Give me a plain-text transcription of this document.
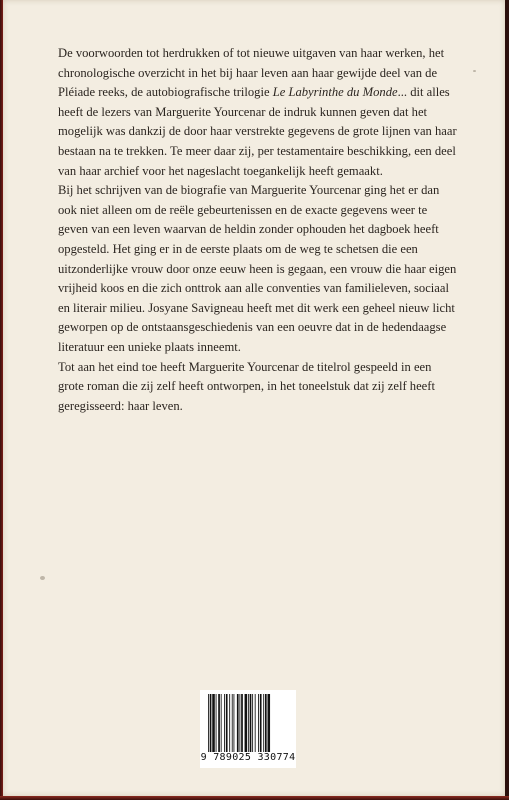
De voorwoorden tot herdrukken of tot nieuwe uitgaven van haar werken, het chronologische overzicht in het bij haar leven aan haar gewijde deel van de Pléiade reeks, de autobiografische trilogie Le Labyrinthe du Monde... dit alles heeft de lezers van Marguerite Yourcenar de indruk kunnen geven dat het mogelijk was dankzij de door haar verstrekte gegevens de grote lijnen van haar bestaan na te trekken. Te meer daar zij, per testamentaire beschikking, een deel van haar archief voor het nageslacht toegankelijk heeft gemaakt.

Bij het schrijven van de biografie van Marguerite Yourcenar ging het er dan ook niet alleen om de reële gebeurtenissen en de exacte gegevens weer te geven van een leven waarvan de heldin zonder ophouden het dagboek heeft opgesteld. Het ging er in de eerste plaats om de weg te schetsen die een uitzonderlijke vrouw door onze eeuw heen is gegaan, een vrouw die haar eigen vrijheid koos en die zich onttrok aan alle conventies van familieleven, sociaal en literair milieu. Josyane Savigneau heeft met dit werk een geheel nieuw licht geworpen op de ontstaansgeschiedenis van een oeuvre dat in de hedendaagse literatuur een unieke plaats inneemt.

Tot aan het eind toe heeft Marguerite Yourcenar de titelrol gespeeld in een grote roman die zij zelf heeft ontworpen, in het toneelstuk dat zij zelf heeft geregisseerd: haar leven.

9 789025 330774
